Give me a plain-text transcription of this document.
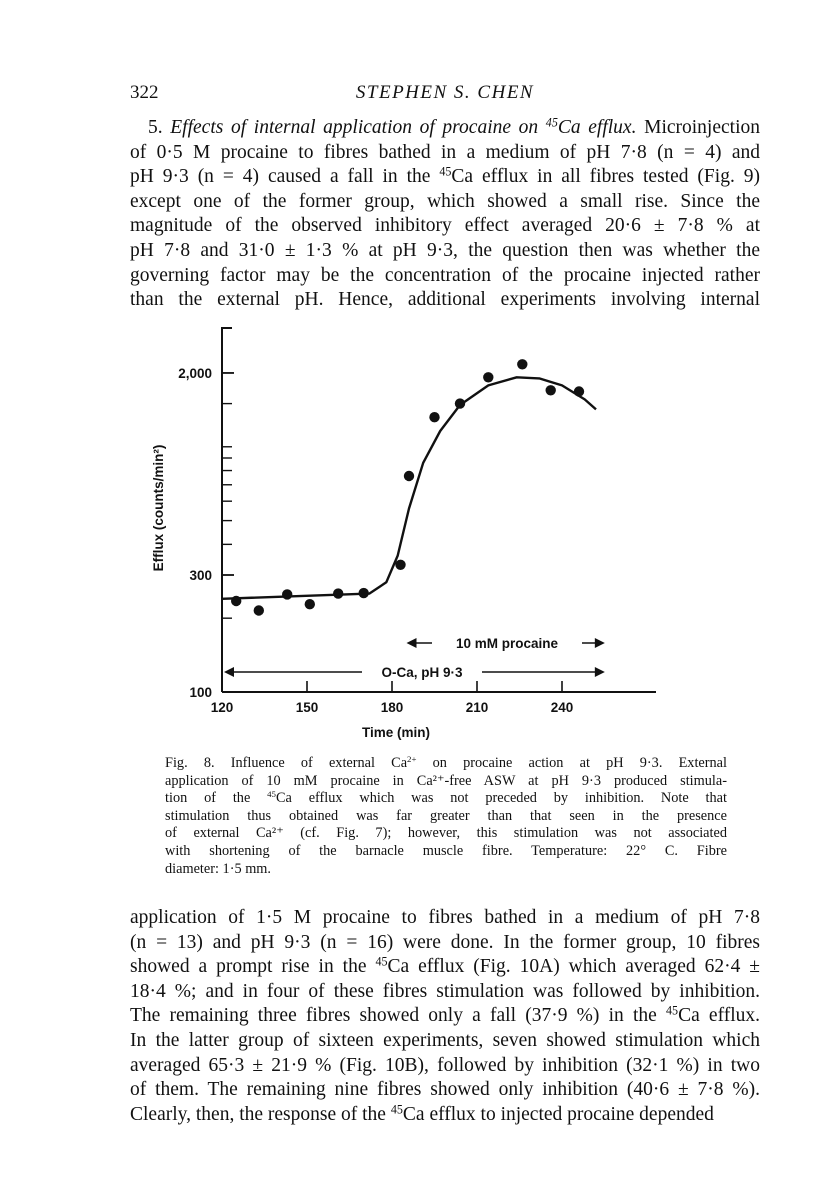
322	STEPHEN S. CHEN
5. Effects of internal application of procaine on $^{45}$Ca efflux. Microinjection
of 0·5 M procaine to fibres bathed in a medium of pH 7·8 (n = 4) and
pH 9·3 (n = 4) caused a fall in the $^{45}$Ca efflux in all fibres tested (Fig. 9)
except one of the former group, which showed a small rise. Since the
magnitude of the observed inhibitory effect averaged 20·6 ± 7·8 % at
pH 7·8 and 31·0 ± 1·3 % at pH 9·3, the question then was whether the
governing factor may be the concentration of the procaine injected rather
than the external pH. Hence, additional experiments involving internal
2,000
300
100
120	150	180	210	240
Time (min)
Efflux (counts/min²)
10 mM procaine
O-Ca, pH 9·3
Fig. 8. Influence of external $Ca^{2+}$ on procaine action at pH 9·3. External
application of 10 mM procaine in Ca²⁺-free ASW at pH 9·3 produced stimula-
tion of the $^{45}$Ca efflux which was not preceded by inhibition. Note that
stimulation thus obtained was far greater than that seen in the presence
of external Ca²⁺ (cf. Fig. 7); however, this stimulation was not associated
with shortening of the barnacle muscle fibre. Temperature: 22° C. Fibre
diameter: 1·5 mm.
application of 1·5 M procaine to fibres bathed in a medium of pH 7·8
(n = 13) and pH 9·3 (n = 16) were done. In the former group, 10 fibres
showed a prompt rise in the $^{45}$Ca efflux (Fig. 10A) which averaged 62·4 ±
18·4 %; and in four of these fibres stimulation was followed by inhibition.
The remaining three fibres showed only a fall (37·9 %) in the $^{45}$Ca efflux.
In the latter group of sixteen experiments, seven showed stimulation which
averaged 65·3 ± 21·9 % (Fig. 10B), followed by inhibition (32·1 %) in two
of them. The remaining nine fibres showed only inhibition (40·6 ± 7·8 %).
Clearly, then, the response of the $^{45}$Ca efflux to injected procaine depended
